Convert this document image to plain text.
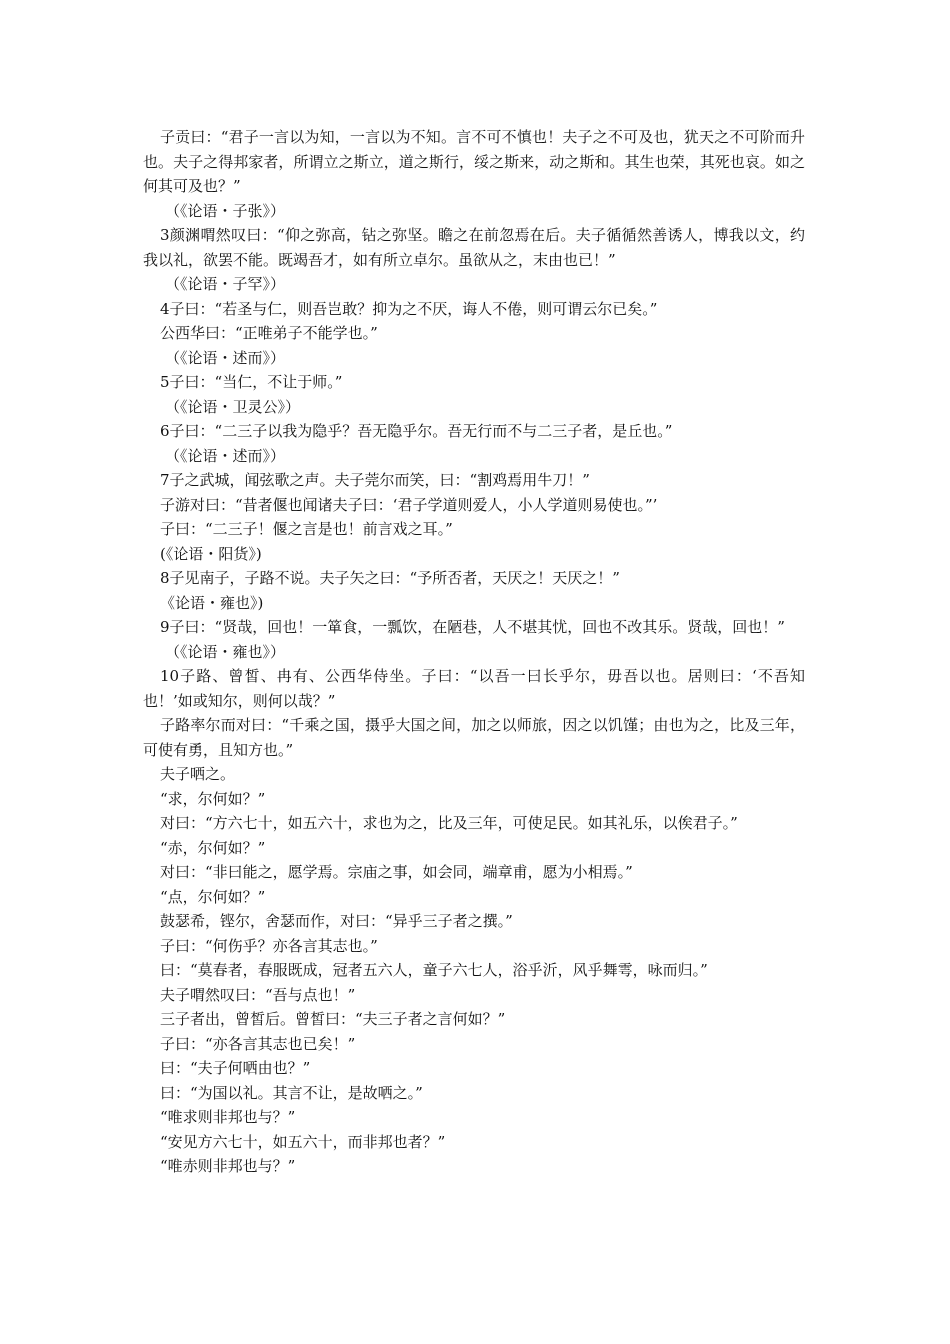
子贡曰：“君子一言以为知，一言以为不知。言不可不慎也！夫子之不可及也，犹天之不可阶而升也。夫子之得邦家者，所谓立之斯立，道之斯行，绥之斯来，动之斯和。其生也荣，其死也哀。如之何其可及也？”

（《论语・子张》）

3颜渊喟然叹曰：“仰之弥高，钻之弥坚。瞻之在前忽焉在后。夫子循循然善诱人，博我以文，约我以礼，欲罢不能。既竭吾才，如有所立卓尔。虽欲从之，末由也已！”

（《论语・子罕》）

4子曰：“若圣与仁，则吾岂敢？抑为之不厌，诲人不倦，则可谓云尔已矣。”

公西华曰：“正唯弟子不能学也。”

（《论语・述而》）

5子曰：“当仁，不让于师。”

（《论语・卫灵公》）

6子曰：“二三子以我为隐乎？吾无隐乎尔。吾无行而不与二三子者，是丘也。”

（《论语・述而》）

7子之武城，闻弦歌之声。夫子莞尔而笑，曰：“割鸡焉用牛刀！”

子游对曰：“昔者偃也闻诸夫子曰：‘君子学道则爱人，小人学道则易使也。”’

子曰：“二三子！偃之言是也！前言戏之耳。”

(《论语・阳货》)

8子见南子，子路不说。夫子矢之曰：“予所否者，天厌之！天厌之！”

《论语・雍也》)

9子曰：“贤哉，回也！一箪食，一瓢饮，在陋巷，人不堪其忧，回也不改其乐。贤哉，回也！”

（《论语・雍也》）

10子路、曾皙、冉有、公西华侍坐。子曰：“以吾一曰长乎尔，毋吾以也。居则曰：‘不吾知也！’如或知尔，则何以哉？”

子路率尔而对曰：“千乘之国，摄乎大国之间，加之以师旅，因之以饥馑；由也为之，比及三年，可使有勇，且知方也。”

夫子哂之。

“求，尔何如？”

对曰：“方六七十，如五六十，求也为之，比及三年，可使足民。如其礼乐，以俟君子。”

“赤，尔何如？”

对曰：“非曰能之，愿学焉。宗庙之事，如会同，端章甫，愿为小相焉。”

“点，尔何如？”

鼓瑟希，铿尔，舍瑟而作，对曰：“异乎三子者之撰。”

子曰：“何伤乎？亦各言其志也。”

曰：“莫春者，春服既成，冠者五六人，童子六七人，浴乎沂，风乎舞雩，咏而归。”

夫子喟然叹曰：“吾与点也！”

三子者出，曾皙后。曾皙曰：“夫三子者之言何如？”

子曰：“亦各言其志也已矣！”

曰：“夫子何哂由也？”

曰：“为国以礼。其言不让，是故哂之。”

“唯求则非邦也与？”

“安见方六七十，如五六十，而非邦也者？”

“唯赤则非邦也与？”
